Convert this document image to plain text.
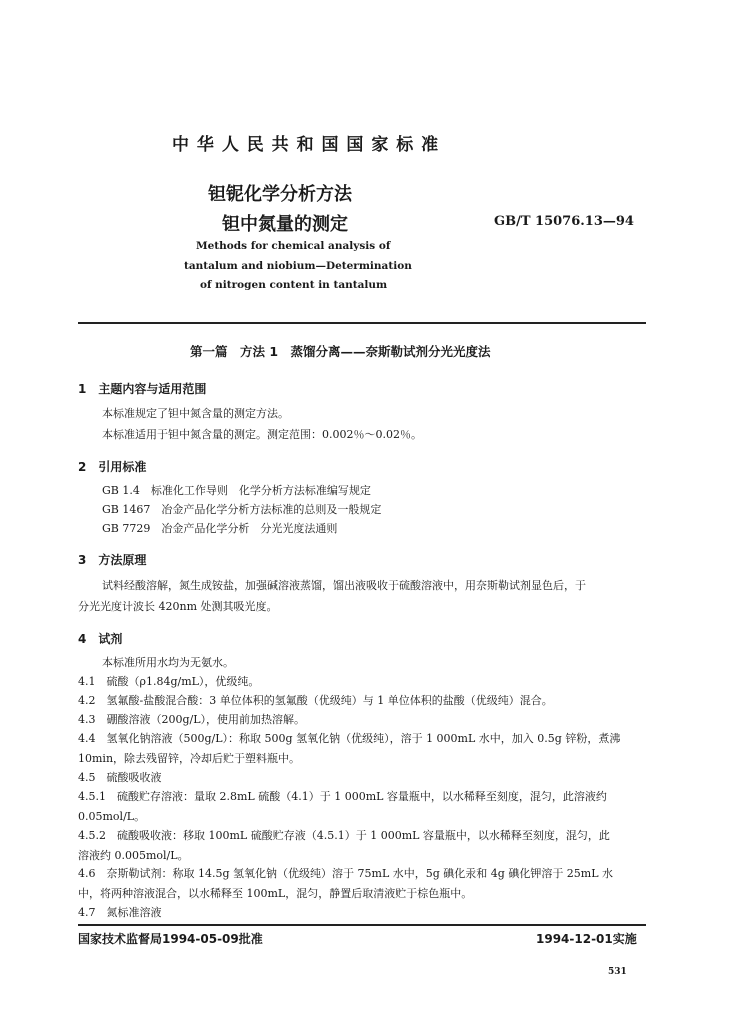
中 华 人 民 共 和 国 国 家 标 准
钽铌化学分析方法
钽中氮量的测定	GB/T 15076.13—94
Methods for chemical analysis of
tantalum and niobium—Determination
of nitrogen content in tantalum
第一篇　方法 1　蒸馏分离——奈斯勒试剂分光光度法
1　主题内容与适用范围
本标准规定了钽中氮含量的测定方法。
本标准适用于钽中氮含量的测定。测定范围：0.002％～0.02％。
2　引用标准
GB 1.4　标准化工作导则　化学分析方法标准编写规定
GB 1467　冶金产品化学分析方法标准的总则及一般规定
GB 7729　冶金产品化学分析　分光光度法通则
3　方法原理
试料经酸溶解，氮生成铵盐，加强碱溶液蒸馏，馏出液吸收于硫酸溶液中，用奈斯勒试剂显色后，于
分光光度计波长 420nm 处测其吸光度。
4　试剂
本标准所用水均为无氨水。
4.1　硫酸（ρ1.84g/mL），优级纯。
4.2　氢氟酸-盐酸混合酸：3 单位体积的氢氟酸（优级纯）与 1 单位体积的盐酸（优级纯）混合。
4.3　硼酸溶液（200g/L），使用前加热溶解。
4.4　氢氧化钠溶液（500g/L）：称取 500g 氢氧化钠（优级纯），溶于 1 000mL 水中，加入 0.5g 锌粉，煮沸
10min，除去残留锌，冷却后贮于塑料瓶中。
4.5　硫酸吸收液
4.5.1　硫酸贮存溶液：量取 2.8mL 硫酸（4.1）于 1 000mL 容量瓶中，以水稀释至刻度，混匀，此溶液约
0.05mol/L。
4.5.2　硫酸吸收液：移取 100mL 硫酸贮存液（4.5.1）于 1 000mL 容量瓶中，以水稀释至刻度，混匀，此
溶液约 0.005mol/L。
4.6　奈斯勒试剂：称取 14.5g 氢氧化钠（优级纯）溶于 75mL 水中，5g 碘化汞和 4g 碘化钾溶于 25mL 水
中，将两种溶液混合，以水稀释至 100mL，混匀，静置后取清液贮于棕色瓶中。
4.7　氮标准溶液
国家技术监督局1994-05-09批准	1994-12-01实施
531
